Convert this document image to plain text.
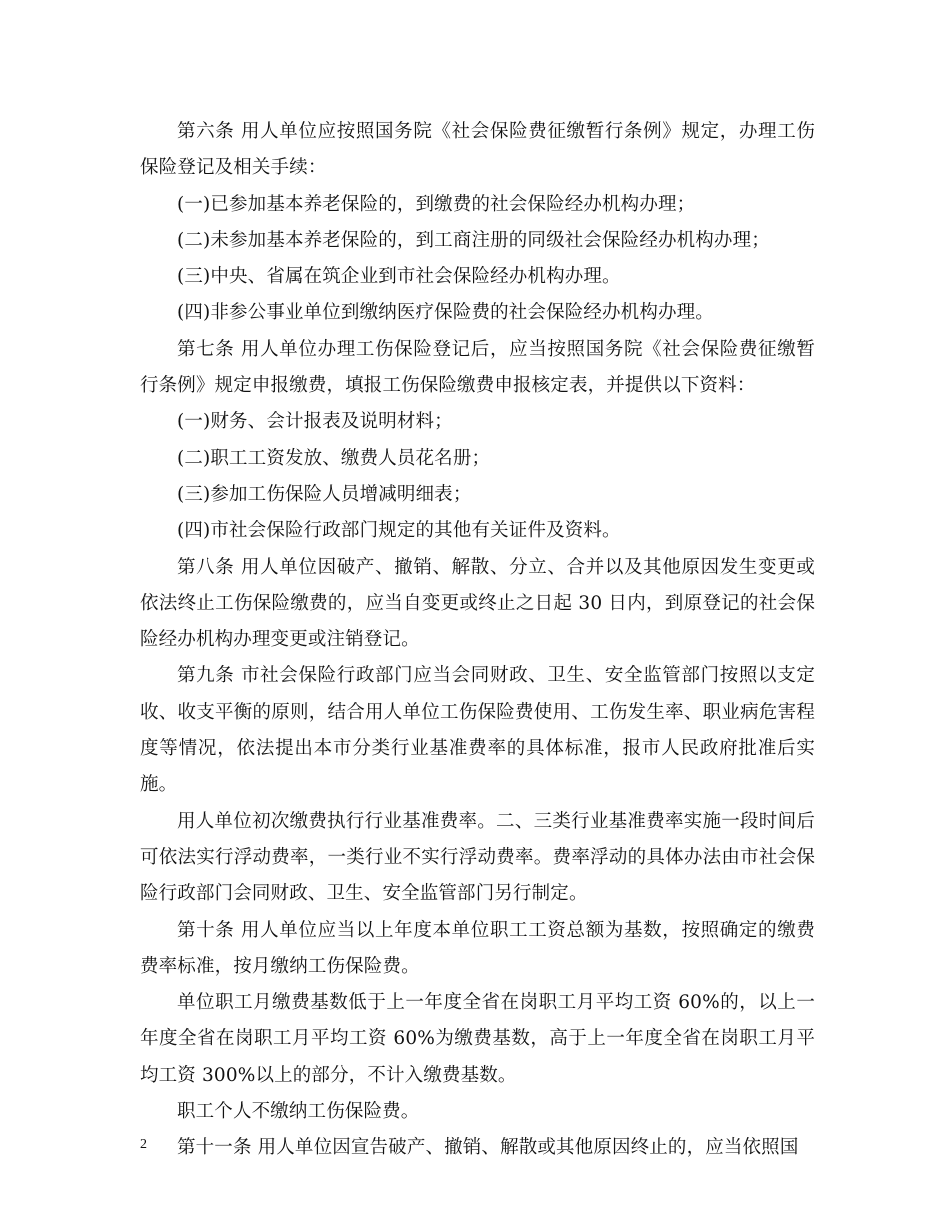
第六条 用人单位应按照国务院《社会保险费征缴暂行条例》规定，办理工伤保险登记及相关手续：

(一)已参加基本养老保险的，到缴费的社会保险经办机构办理；

(二)未参加基本养老保险的，到工商注册的同级社会保险经办机构办理；

(三)中央、省属在筑企业到市社会保险经办机构办理。

(四)非参公事业单位到缴纳医疗保险费的社会保险经办机构办理。

第七条 用人单位办理工伤保险登记后，应当按照国务院《社会保险费征缴暂行条例》规定申报缴费，填报工伤保险缴费申报核定表，并提供以下资料：

(一)财务、会计报表及说明材料；

(二)职工工资发放、缴费人员花名册；

(三)参加工伤保险人员增减明细表；

(四)市社会保险行政部门规定的其他有关证件及资料。

第八条 用人单位因破产、撤销、解散、分立、合并以及其他原因发生变更或依法终止工伤保险缴费的，应当自变更或终止之日起 30 日内，到原登记的社会保险经办机构办理变更或注销登记。

第九条 市社会保险行政部门应当会同财政、卫生、安全监管部门按照以支定收、收支平衡的原则，结合用人单位工伤保险费使用、工伤发生率、职业病危害程度等情况，依法提出本市分类行业基准费率的具体标准，报市人民政府批准后实施。

用人单位初次缴费执行行业基准费率。二、三类行业基准费率实施一段时间后可依法实行浮动费率，一类行业不实行浮动费率。费率浮动的具体办法由市社会保险行政部门会同财政、卫生、安全监管部门另行制定。

第十条 用人单位应当以上年度本单位职工工资总额为基数，按照确定的缴费费率标准，按月缴纳工伤保险费。

单位职工月缴费基数低于上一年度全省在岗职工月平均工资 60%的，以上一年度全省在岗职工月平均工资 60%为缴费基数，高于上一年度全省在岗职工月平均工资 300%以上的部分，不计入缴费基数。

职工个人不缴纳工伤保险费。

第十一条 用人单位因宣告破产、撤销、解散或其他原因终止的，应当依照国

2
